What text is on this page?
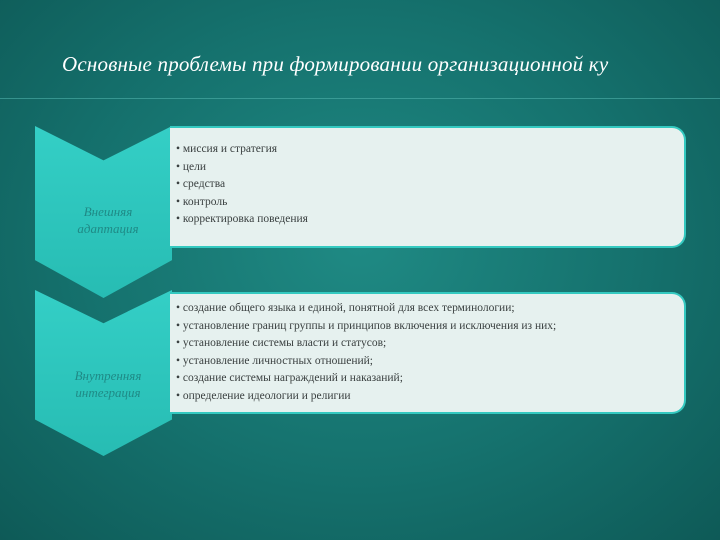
Основные проблемы при формировании организационной ку
Внешняя
адаптация
• миссия и стратегия
• цели
• средства
• контроль
• корректировка поведения
Внутренняя
интеграция
• создание общего языка и единой, понятной для всех терминологии;
• установление границ группы и принципов включения и исключения из них;
• установление системы власти и статусов;
• установление личностных отношений;
• создание системы награждений и наказаний;
• определение идеологии и религии
